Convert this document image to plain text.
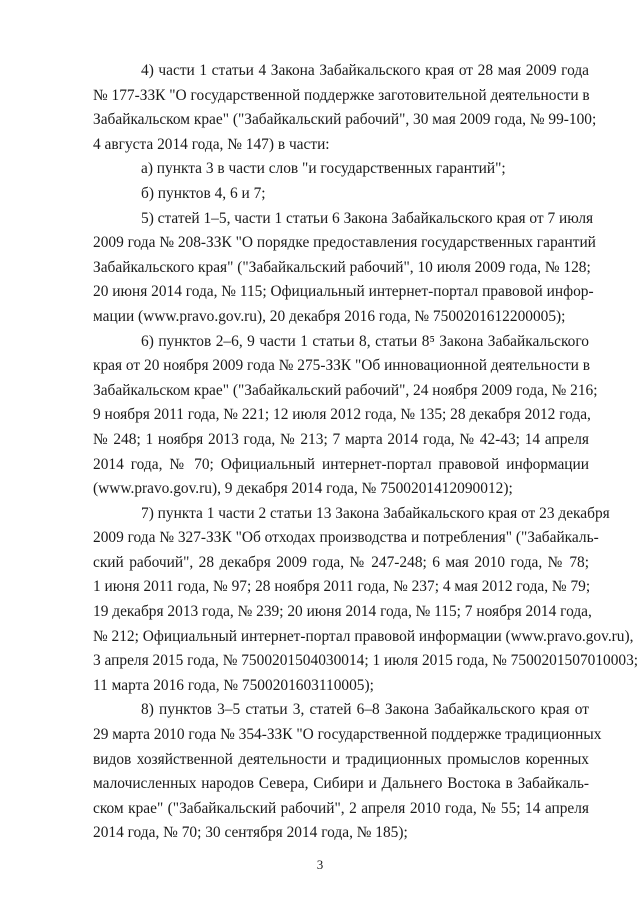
4) части 1 статьи 4 Закона Забайкальского края от 28 мая 2009 года
№ 177-ЗЗК "О государственной поддержке заготовительной деятельности в
Забайкальском крае" ("Забайкальский рабочий", 30 мая 2009 года, № 99-100;
4 августа 2014 года, № 147) в части:
а) пункта 3 в части слов "и государственных гарантий";
б) пунктов 4, 6 и 7;
5) статей 1–5, части 1 статьи 6 Закона Забайкальского края от 7 июля
2009 года № 208-ЗЗК "О порядке предоставления государственных гарантий
Забайкальского края" ("Забайкальский рабочий", 10 июля 2009 года, № 128;
20 июня 2014 года, № 115; Официальный интернет-портал правовой инфор-
мации (www.pravo.gov.ru), 20 декабря 2016 года, № 7500201612200005);
6) пунктов 2–6, 9 части 1 статьи 8, статьи 8⁵ Закона Забайкальского
края от 20 ноября 2009 года № 275-ЗЗК "Об инновационной деятельности в
Забайкальском крае" ("Забайкальский рабочий", 24 ноября 2009 года, № 216;
9 ноября 2011 года, № 221; 12 июля 2012 года, № 135; 28 декабря 2012 года,
№ 248; 1 ноября 2013 года, № 213; 7 марта 2014 года, № 42-43; 14 апреля
2014 года, № 70; Официальный интернет-портал правовой информации
(www.pravo.gov.ru), 9 декабря 2014 года, № 7500201412090012);
7) пункта 1 части 2 статьи 13 Закона Забайкальского края от 23 декабря
2009 года № 327-ЗЗК "Об отходах производства и потребления" ("Забайкаль-
ский рабочий", 28 декабря 2009 года, № 247-248; 6 мая 2010 года, № 78;
1 июня 2011 года, № 97; 28 ноября 2011 года, № 237; 4 мая 2012 года, № 79;
19 декабря 2013 года, № 239; 20 июня 2014 года, № 115; 7 ноября 2014 года,
№ 212; Официальный интернет-портал правовой информации (www.pravo.gov.ru),
3 апреля 2015 года, № 7500201504030014; 1 июля 2015 года, № 7500201507010003;
11 марта 2016 года, № 7500201603110005);
8) пунктов 3–5 статьи 3, статей 6–8 Закона Забайкальского края от
29 марта 2010 года № 354-ЗЗК "О государственной поддержке традиционных
видов хозяйственной деятельности и традиционных промыслов коренных
малочисленных народов Севера, Сибири и Дальнего Востока в Забайкаль-
ском крае" ("Забайкальский рабочий", 2 апреля 2010 года, № 55; 14 апреля
2014 года, № 70; 30 сентября 2014 года, № 185);
3
